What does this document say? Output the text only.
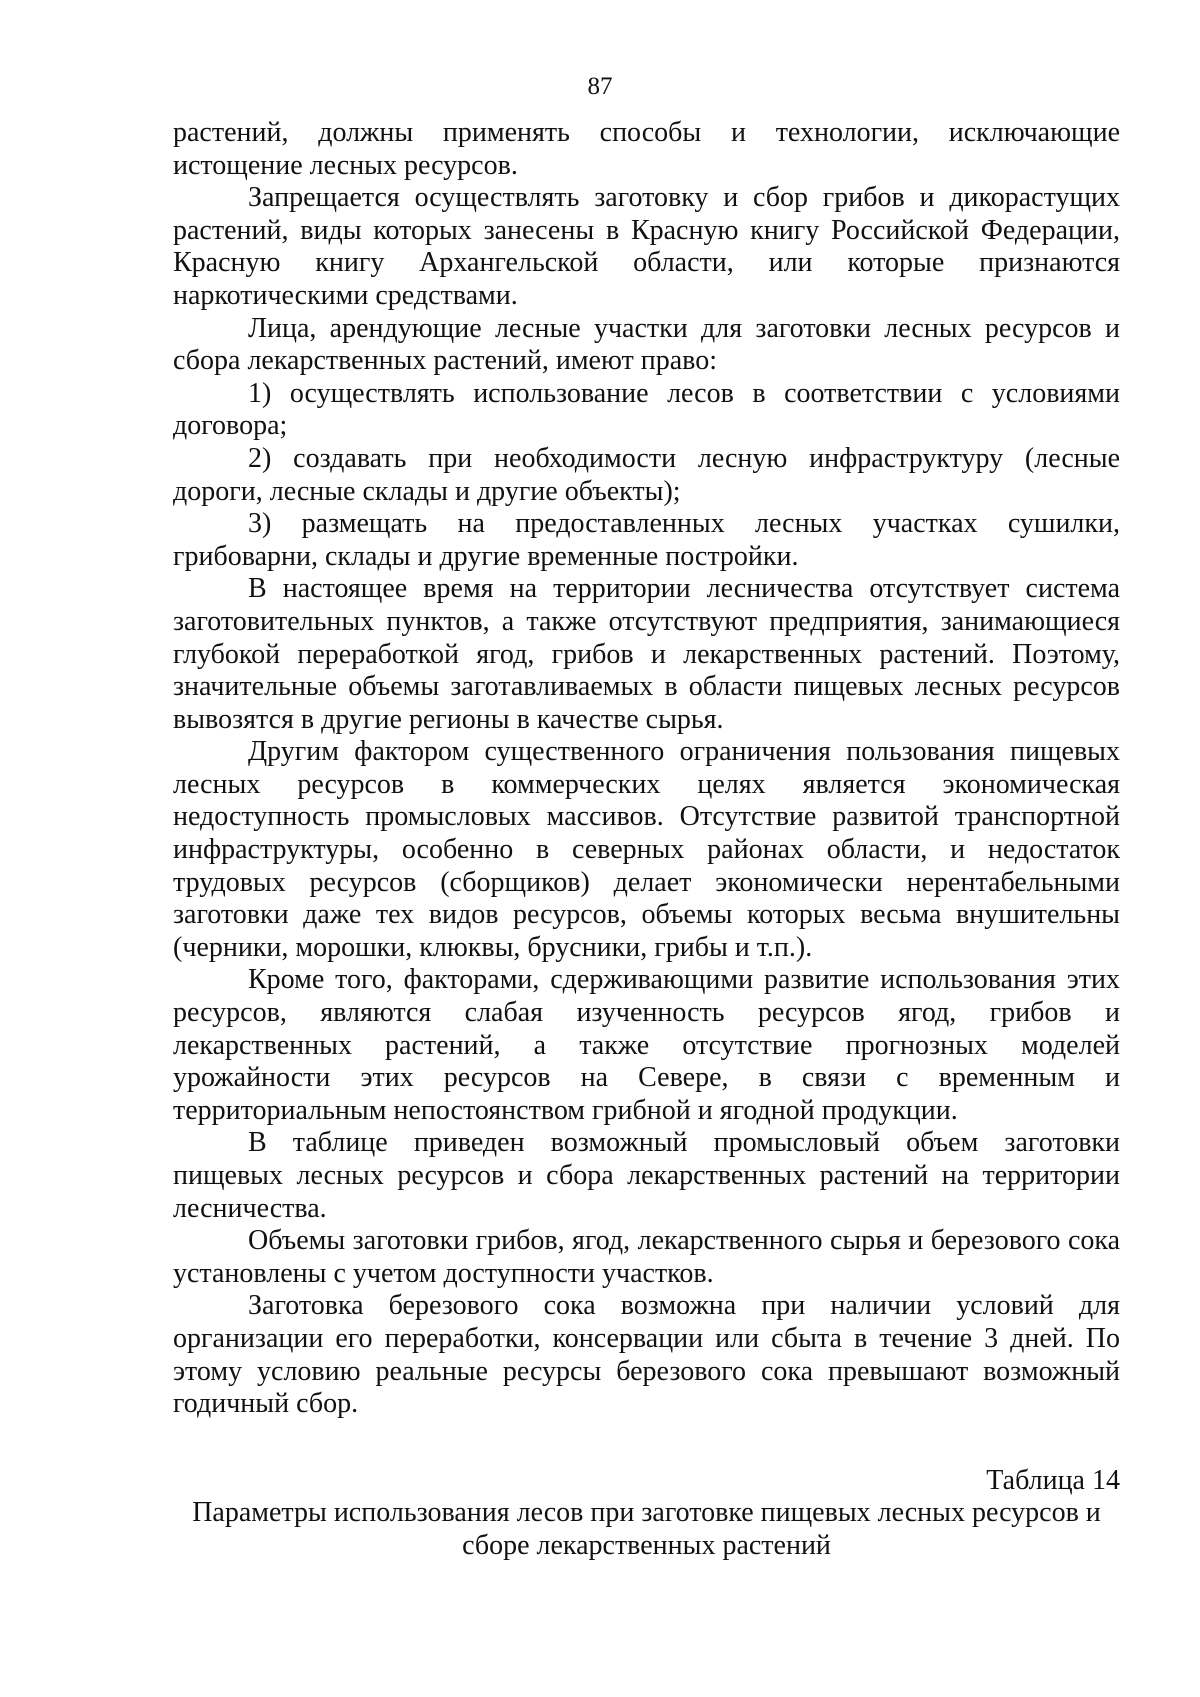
87

растений, должны применять способы и технологии, исключающие истощение лесных ресурсов.

Запрещается осуществлять заготовку и сбор грибов и дикорастущих растений, виды которых занесены в Красную книгу Российской Федерации, Красную книгу Архангельской области, или которые признаются наркотическими средствами.

Лица, арендующие лесные участки для заготовки лесных ресурсов и сбора лекарственных растений, имеют право:

1) осуществлять использование лесов в соответствии с условиями договора;

2) создавать при необходимости лесную инфраструктуру (лесные дороги, лесные склады и другие объекты);

3) размещать на предоставленных лесных участках сушилки, грибоварни, склады и другие временные постройки.

В настоящее время на территории лесничества отсутствует система заготовительных пунктов, а также отсутствуют предприятия, занимающиеся глубокой переработкой ягод, грибов и лекарственных растений. Поэтому, значительные объемы заготавливаемых в области пищевых лесных ресурсов вывозятся в другие регионы в качестве сырья.

Другим фактором существенного ограничения пользования пищевых лесных ресурсов в коммерческих целях является экономическая недоступность промысловых массивов. Отсутствие развитой транспортной инфраструктуры, особенно в северных районах области, и недостаток трудовых ресурсов (сборщиков) делает экономически нерентабельными заготовки даже тех видов ресурсов, объемы которых весьма внушительны (черники, морошки, клюквы, брусники, грибы и т.п.).

Кроме того, факторами, сдерживающими развитие использования этих ресурсов, являются слабая изученность ресурсов ягод, грибов и лекарственных растений, а также отсутствие прогнозных моделей урожайности этих ресурсов на Севере, в связи с временным и территориальным непостоянством грибной и ягодной продукции.

В таблице приведен возможный промысловый объем заготовки пищевых лесных ресурсов и сбора лекарственных растений на территории лесничества.

Объемы заготовки грибов, ягод, лекарственного сырья и березового сока установлены с учетом доступности участков.

Заготовка березового сока возможна при наличии условий для организации его переработки, консервации или сбыта в течение 3 дней. По этому условию реальные ресурсы березового сока превышают возможный годичный сбор.

Таблица 14

Параметры использования лесов при заготовке пищевых лесных ресурсов и сборе лекарственных растений
